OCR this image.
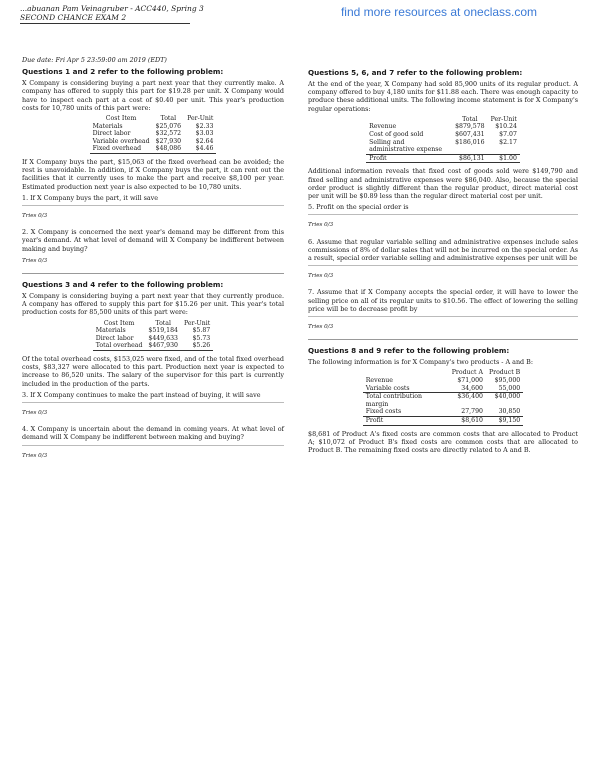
...abuanan Pam Veinagruber - ACC440, Spring 3
SECOND CHANCE EXAM 2	find more resources at oneclass.com
Due date: Fri Apr 5 23:59:00 am 2019 (EDT)
Questions 1 and 2 refer to the following problem:

X Company is considering buying a part next year that they currently make. A company has offered to supply this part for $19.28 per unit. X Company would have to inspect each part at a cost of $0.40 per unit. This year's production costs for 10,780 units of this part were:

Cost Item	Total	Per-Unit
Materials	$25,076	$2.33
Direct labor	$32,572	$3.03
Variable overhead	$27,930	$2.64
Fixed overhead	$48,086	$4.46

If X Company buys the part, $15,063 of the fixed overhead can be avoided; the rest is unavoidable. In addition, if X Company buys the part, it can rent out the facilities that it currently uses to make the part and receive $8,100 per year. Estimated production next year is also expected to be 10,780 units.

1. If X Company buys the part, it will save

Tries 0/3

2. X Company is concerned the next year's demand may be different from this year's demand. At what level of demand will X Company be indifferent between making and buying?

Tries 0/3
Questions 3 and 4 refer to the following problem:

X Company is considering buying a part next year that they currently produce. A company has offered to supply this part for $15.26 per unit. This year's total production costs for 85,500 units of this part were:

Cost Item	Total	Per-Unit
Materials	$519,184	$5.87
Direct labor	$449,633	$5.73
Total overhead	$467,930	$5.26

Of the total overhead costs, $153,025 were fixed, and of the total fixed overhead costs, $83,327 were allocated to this part. Production next year is expected to increase to 86,520 units. The salary of the supervisor for this part is currently included in the production of the parts.

3. If X Company continues to make the part instead of buying, it will save

Tries 0/3

4. X Company is uncertain about the demand in coming years. At what level of demand will X Company be indifferent between making and buying?

Tries 0/3
Questions 5, 6, and 7 refer to the following problem:

At the end of the year, X Company had sold 85,900 units of its regular product. A company offered to buy 4,180 units for $11.88 each. There was enough capacity to produce these additional units. The following income statement is for X Company's regular operations:

	Total	Per-Unit
Revenue	$879,578	$10.24
Cost of good sold	$607,431	$7.07
Selling and administrative expense	$186,016	$2.17
Profit	$86,131	$1.00

Additional information reveals that fixed cost of goods sold were $149,790 and fixed selling and administrative expenses were $86,040. Also, because the special order product is slightly different than the regular product, direct material cost per unit will be $0.89 less than the regular direct material cost per unit.

5. Profit on the special order is

Tries 0/3

6. Assume that regular variable selling and administrative expenses include sales commissions of 8% of dollar sales that will not be incurred on the special order. As a result, special order variable selling and administrative expenses per unit will be

Tries 0/3

7. Assume that if X Company accepts the special order, it will have to lower the selling price on all of its regular units to $10.56. The effect of lowering the selling price will be to decrease profit by

Tries 0/3
Questions 8 and 9 refer to the following problem:

The following information is for X Company's two products - A and B:

	Product A	Product B
Revenue	$71,000	$95,000
Variable costs	34,600	55,000
Total contribution margin	$36,400	$40,000
Fixed costs	27,790	30,850
Profit	$8,610	$9,150

$8,681 of Product A's fixed costs are common costs that are allocated to Product A; $10,072 of Product B's fixed costs are common costs that are allocated to Product B. The remaining fixed costs are directly related to A and B.
